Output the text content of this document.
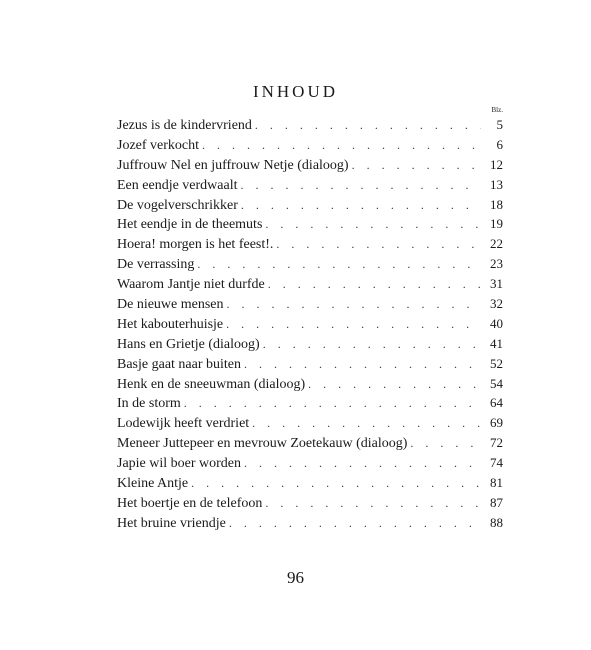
INHOUD
Blz.
Jezus is de kindervriend . . .	5
Jozef verkocht . . .	6
Juffrouw Nel en juffrouw Netje (dialoog) . . .	12
Een eendje verdwaalt . . .	13
De vogelverschrikker . . .	18
Het eendje in de theemuts . . .	19
Hoera! morgen is het feest!. . . .	22
De verrassing . . .	23
Waarom Jantje niet durfde . . .	31
De nieuwe mensen . . .	32
Het kabouterhuisje . . .	40
Hans en Grietje (dialoog) . . .	41
Basje gaat naar buiten . . .	52
Henk en de sneeuwman (dialoog) . . .	54
In de storm . . .	64
Lodewijk heeft verdriet . . .	69
Meneer Juttepeer en mevrouw Zoetekauw (dialoog) . . .	72
Japie wil boer worden . . .	74
Kleine Antje . . .	81
Het boertje en de telefoon . . .	87
Het bruine vriendje . . .	88
96
